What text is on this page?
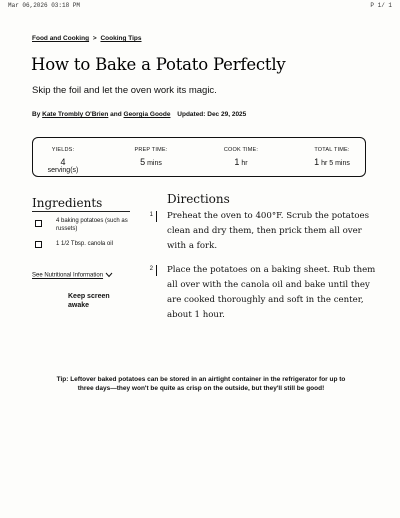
Mar 06,2026 03:18 PM	P 1/ 1
Food and Cooking > Cooking Tips
How to Bake a Potato Perfectly

Skip the foil and let the oven work its magic.

By Kate Trombly O'Brien and Georgia Goode Updated: Dec 29, 2025
YIELDS:
4 serving(s)
PREP TIME:
5 mins
COOK TIME:
1 hr
TOTAL TIME:
1 hr 5 mins
Ingredients
4 baking potatoes (such as russets)
1 1/2 Tbsp. canola oil
See Nutritional Information
Keep screen awake
Directions
1 Preheat the oven to 400°F. Scrub the potatoes clean and dry them, then prick them all over with a fork.
2 Place the potatoes on a baking sheet. Rub them all over with the canola oil and bake until they are cooked thoroughly and soft in the center, about 1 hour.
Tip: Leftover baked potatoes can be stored in an airtight container in the refrigerator for up to three days—they won't be quite as crisp on the outside, but they'll still be good!
